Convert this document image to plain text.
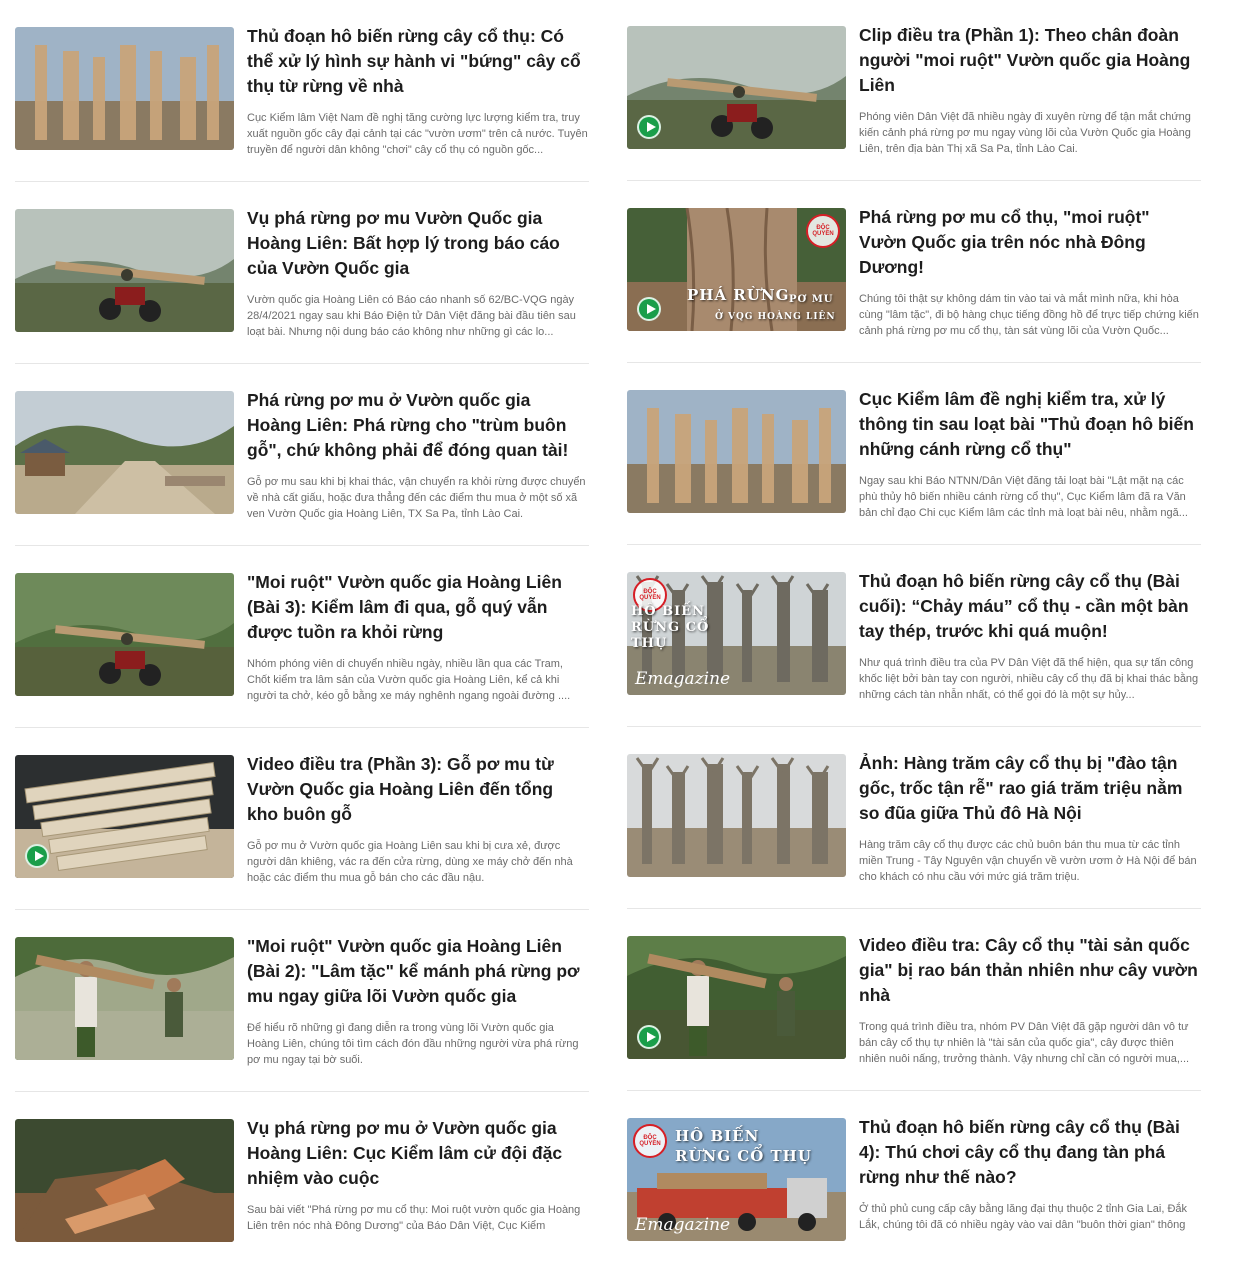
Thủ đoạn hô biến rừng cây cổ thụ: Có thể xử lý hình sự hành vi "bứng" cây cổ thụ từ rừng về nhà

Cục Kiểm lâm Việt Nam đề nghị tăng cường lực lượng kiểm tra, truy xuất nguồn gốc cây đại cảnh tại các "vườn ươm" trên cả nước. Tuyên truyền để người dân không "chơi" cây cổ thụ có nguồn gốc...

Vụ phá rừng pơ mu Vườn Quốc gia Hoàng Liên: Bất hợp lý trong báo cáo của Vườn Quốc gia

Vườn quốc gia Hoàng Liên có Báo cáo nhanh số 62/BC-VQG ngày 28/4/2021 ngay sau khi Báo Điện tử Dân Việt đăng bài đầu tiên sau loạt bài. Nhưng nội dung báo cáo không như những gì các lo...

Phá rừng pơ mu ở Vườn quốc gia Hoàng Liên: Phá rừng cho "trùm buôn gỗ", chứ không phải để đóng quan tài!

Gỗ pơ mu sau khi bị khai thác, vận chuyển ra khỏi rừng được chuyển về nhà cất giấu, hoặc đưa thẳng đến các điểm thu mua ở một số xã ven Vườn Quốc gia Hoàng Liên, TX Sa Pa, tỉnh Lào Cai.

"Moi ruột" Vườn quốc gia Hoàng Liên (Bài 3): Kiểm lâm đi qua, gỗ quý vẫn được tuồn ra khỏi rừng

Nhóm phóng viên di chuyển nhiều ngày, nhiều lần qua các Tram, Chốt kiểm tra lâm sản của Vườn quốc gia Hoàng Liên, kể cả khi người ta chở, kéo gỗ bằng xe máy nghênh ngang ngoài đường ....

Video điều tra (Phần 3): Gỗ pơ mu từ Vườn Quốc gia Hoàng Liên đến tổng kho buôn gỗ

Gỗ pơ mu ở Vườn quốc gia Hoàng Liên sau khi bị cưa xẻ, được người dân khiêng, vác ra đến cửa rừng, dùng xe máy chở đến nhà hoặc các điểm thu mua gỗ bán cho các đầu nậu.

"Moi ruột" Vườn quốc gia Hoàng Liên (Bài 2): "Lâm tặc" kể mánh phá rừng pơ mu ngay giữa lõi Vườn quốc gia

Để hiểu rõ những gì đang diễn ra trong vùng lõi Vườn quốc gia Hoàng Liên, chúng tôi tìm cách đón đầu những người vừa phá rừng pơ mu ngay tại bờ suối.

Vụ phá rừng pơ mu ở Vườn quốc gia Hoàng Liên: Cục Kiểm lâm cử đội đặc nhiệm vào cuộc

Sau bài viết "Phá rừng pơ mu cổ thụ: Moi ruột vườn quốc gia Hoàng Liên trên nóc nhà Đông Dương" của Báo Dân Việt, Cục Kiểm

Clip điều tra (Phần 1): Theo chân đoàn người "moi ruột" Vườn quốc gia Hoàng Liên

Phóng viên Dân Việt đã nhiều ngày đi xuyên rừng để tận mắt chứng kiến cảnh phá rừng pơ mu ngay vùng lõi của Vườn Quốc gia Hoàng Liên, trên địa bàn Thị xã Sa Pa, tỉnh Lào Cai.

ĐỘC QUYỀN
PHÁ RỪNG PƠ MU
Ở VQG HOÀNG LIÊN
Phá rừng pơ mu cổ thụ, "moi ruột" Vườn Quốc gia trên nóc nhà Đông Dương!

Chúng tôi thật sự không dám tin vào tai và mắt mình nữa, khi hòa cùng "lâm tặc", đi bộ hàng chục tiếng đồng hồ để trực tiếp chứng kiến cảnh phá rừng pơ mu cổ thụ, tàn sát vùng lõi của Vườn Quốc...

Cục Kiểm lâm đề nghị kiểm tra, xử lý thông tin sau loạt bài "Thủ đoạn hô biến những cánh rừng cổ thụ"

Ngay sau khi Báo NTNN/Dân Việt đăng tải loạt bài "Lật mặt nạ các phù thủy hô biến nhiều cánh rừng cổ thụ", Cục Kiểm lâm đã ra Văn bản chỉ đạo Chi cục Kiểm lâm các tỉnh mà loạt bài nêu, nhằm ngă...

ĐỘC QUYỀN
HÔ BIẾN RỪNG CỔ THỤ
Emagazine
Thủ đoạn hô biến rừng cây cổ thụ (Bài cuối): “Chảy máu” cổ thụ - cần một bàn tay thép, trước khi quá muộn!

Như quá trình điều tra của PV Dân Việt đã thể hiện, qua sự tấn công khốc liệt bởi bàn tay con người, nhiều cây cổ thụ đã bị khai thác bằng những cách tàn nhẫn nhất, có thể gọi đó là một sự hủy...

Ảnh: Hàng trăm cây cổ thụ bị "đào tận gốc, trốc tận rễ" rao giá trăm triệu nằm so đũa giữa Thủ đô Hà Nội

Hàng trăm cây cổ thụ được các chủ buôn bán thu mua từ các tỉnh miền Trung - Tây Nguyên vận chuyển về vườn ươm ở Hà Nội để bán cho khách có nhu cầu với mức giá trăm triệu.

Video điều tra: Cây cổ thụ "tài sản quốc gia" bị rao bán thản nhiên như cây vườn nhà

Trong quá trình điều tra, nhóm PV Dân Việt đã gặp người dân vô tư bán cây cổ thụ tự nhiên là "tài sản của quốc gia", cây được thiên nhiên nuôi nấng, trưởng thành. Vậy nhưng chỉ cần có người mua,...

ĐỘC QUYỀN HÔ BIẾN RỪNG CỔ THỤ
Emagazine
Thủ đoạn hô biến rừng cây cổ thụ (Bài 4): Thú chơi cây cổ thụ đang tàn phá rừng như thế nào?

Ở thủ phủ cung cấp cây bằng lăng đại thụ thuộc 2 tỉnh Gia Lai, Đắk Lắk, chúng tôi đã có nhiều ngày vào vai dân "buôn thời gian" thông
